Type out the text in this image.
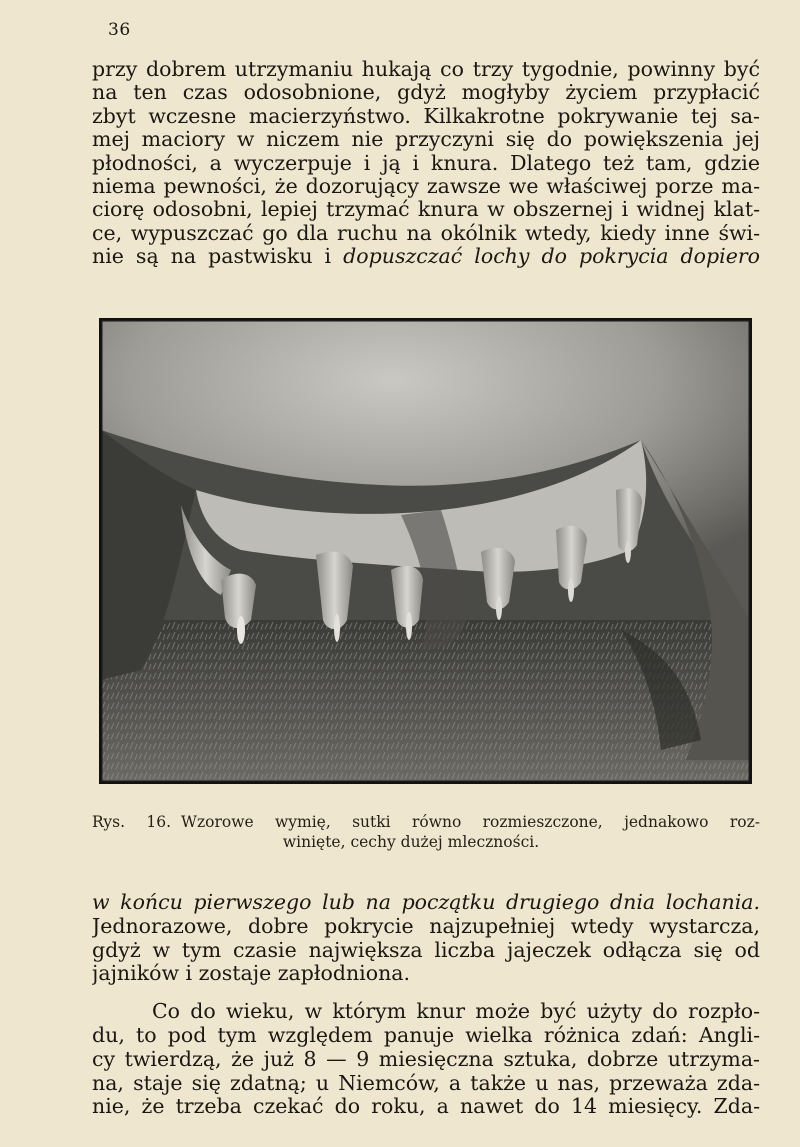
36
przy dobrem utrzymaniu hukają co trzy tygodnie, powinny być
na ten czas odosobnione, gdyż mogłyby życiem przypłacić
zbyt wczesne macierzyństwo. Kilkakrotne pokrywanie tej sa-
mej maciory w niczem nie przyczyni się do powiększenia jej
płodności, a wyczerpuje i ją i knura. Dlatego też tam, gdzie
niema pewności, że dozorujący zawsze we właściwej porze ma-
ciorę odosobni, lepiej trzymać knura w obszernej i widnej klat-
ce, wypuszczać go dla ruchu na okólnik wtedy, kiedy inne świ-
nie są na pastwisku i dopuszczać lochy do pokrycia dopiero
Rys. 16. Wzorowe wymię, sutki równo rozmieszczone, jednakowo roz-
winięte, cechy dużej mleczności.
w końcu pierwszego lub na początku drugiego dnia lochania.
Jednorazowe, dobre pokrycie najzupełniej wtedy wystarcza,
gdyż w tym czasie największa liczba jajeczek odłącza się od
jajników i zostaje zapłodniona.
Co do wieku, w którym knur może być użyty do rozpło-
du, to pod tym względem panuje wielka różnica zdań: Angli-
cy twierdzą, że już 8 — 9 miesięczna sztuka, dobrze utrzyma-
na, staje się zdatną; u Niemców, a także u nas, przeważa zda-
nie, że trzeba czekać do roku, a nawet do 14 miesięcy. Zda-
